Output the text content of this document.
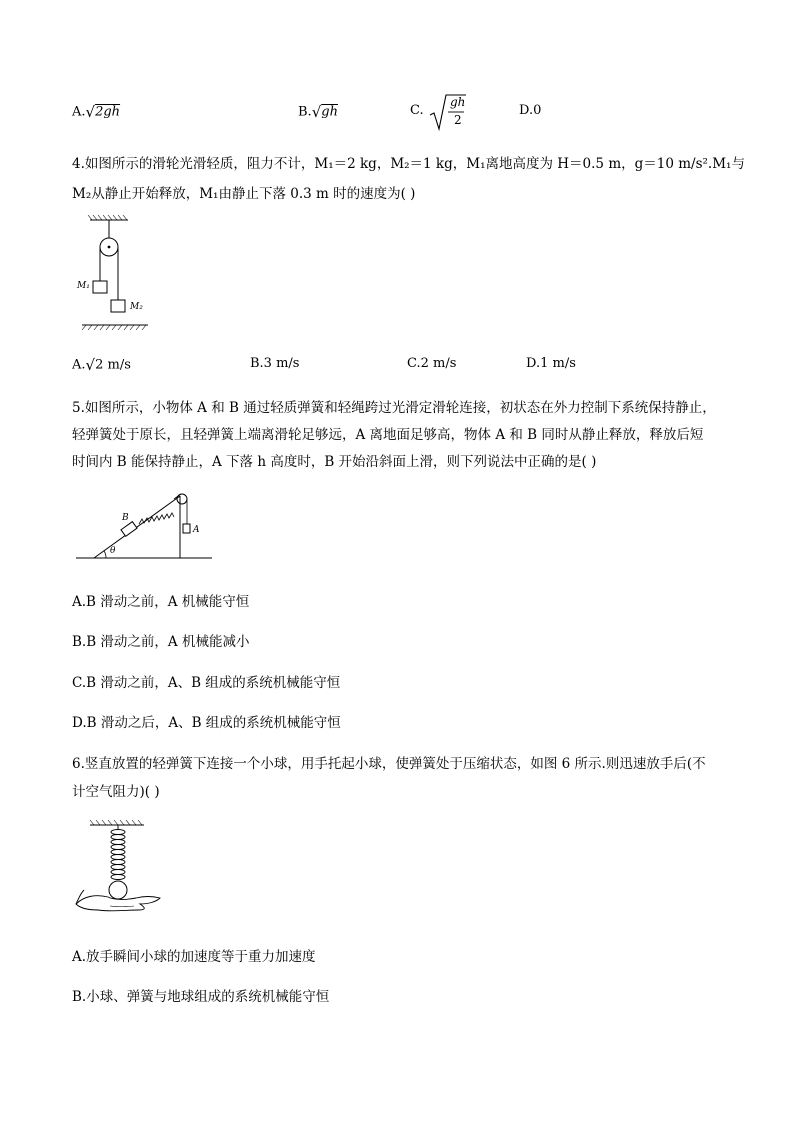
A.√2gh	B.√gh	C.
gh
2
D.0
4.如图所示的滑轮光滑轻质，阻力不计，M₁＝2 kg，M₂＝1 kg，M₁离地高度为 H＝0.5 m，g＝10 m/s².M₁与
M₂从静止开始释放，M₁由静止下落 0.3 m 时的速度为( )
M₁
M₂
A.√2 m/s	B.3 m/s	C.2 m/s	D.1 m/s
5.如图所示，小物体 A 和 B 通过轻质弹簧和轻绳跨过光滑定滑轮连接，初状态在外力控制下系统保持静止，
轻弹簧处于原长，且轻弹簧上端离滑轮足够远，A 离地面足够高，物体 A 和 B 同时从静止释放，释放后短
时间内 B 能保持静止，A 下落 h 高度时，B 开始沿斜面上滑，则下列说法中正确的是( )
B
A
θ
A.B 滑动之前，A 机械能守恒
B.B 滑动之前，A 机械能减小
C.B 滑动之前，A、B 组成的系统机械能守恒
D.B 滑动之后，A、B 组成的系统机械能守恒
6.竖直放置的轻弹簧下连接一个小球，用手托起小球，使弹簧处于压缩状态，如图 6 所示.则迅速放手后(不
计空气阻力)( )
A.放手瞬间小球的加速度等于重力加速度
B.小球、弹簧与地球组成的系统机械能守恒
